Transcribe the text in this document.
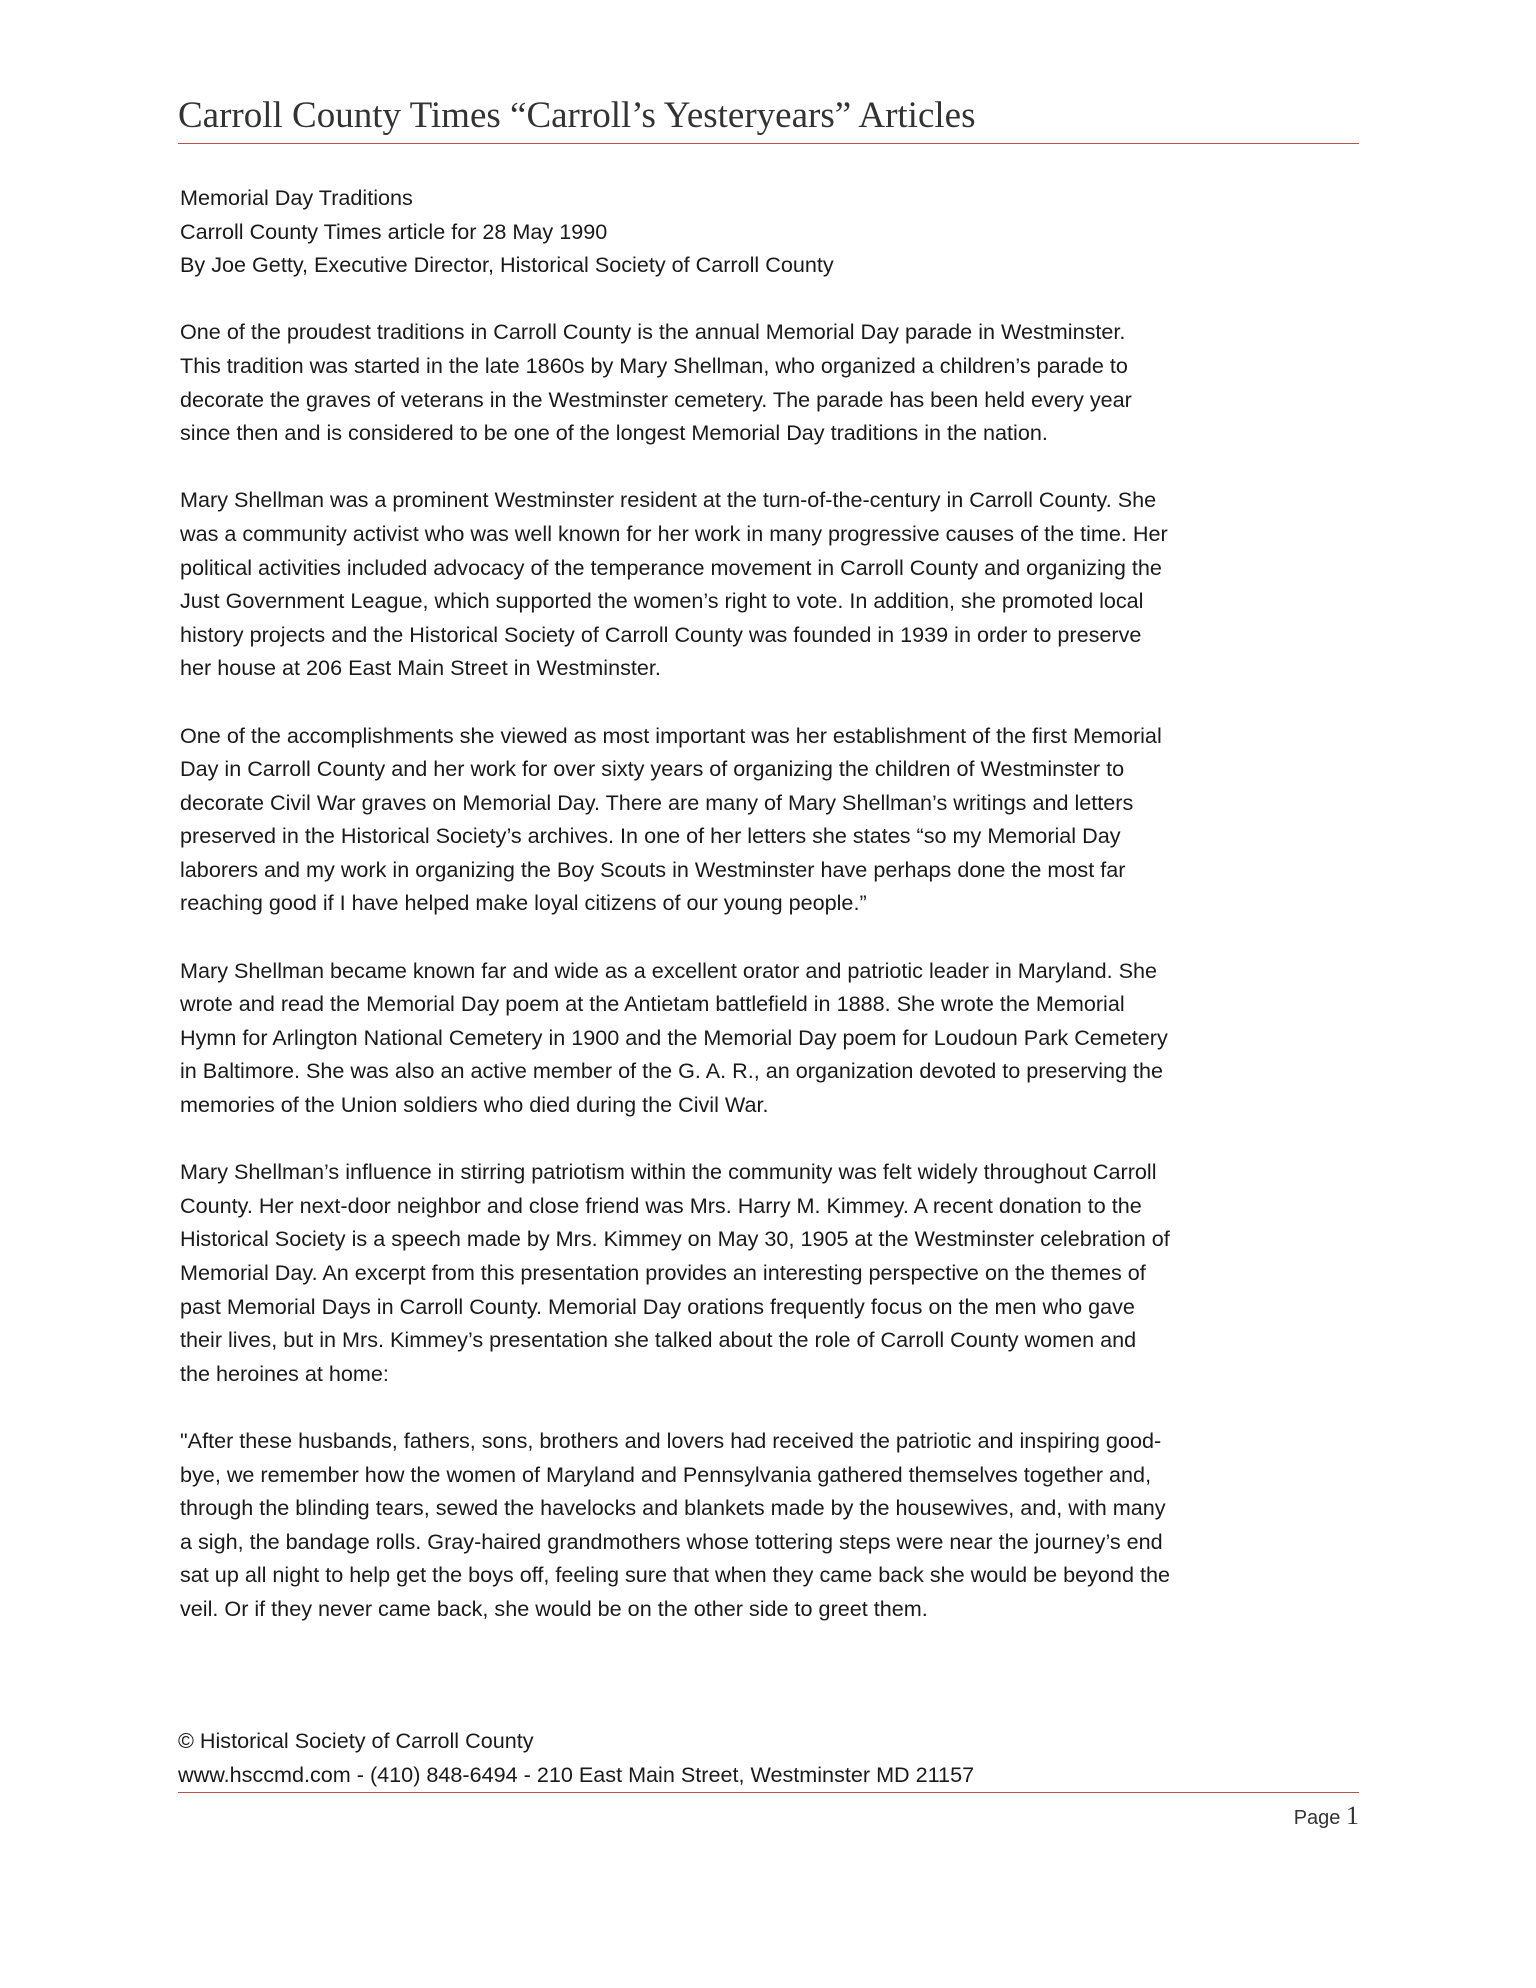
Carroll County Times “Carroll’s Yesteryears” Articles

Memorial Day Traditions

Carroll County Times article for 28 May 1990

By Joe Getty, Executive Director, Historical Society of Carroll County

One of the proudest traditions in Carroll County is the annual Memorial Day parade in Westminster.
This tradition was started in the late 1860s by Mary Shellman, who organized a children’s parade to
decorate the graves of veterans in the Westminster cemetery. The parade has been held every year
since then and is considered to be one of the longest Memorial Day traditions in the nation.

Mary Shellman was a prominent Westminster resident at the turn-of-the-century in Carroll County. She
was a community activist who was well known for her work in many progressive causes of the time. Her
political activities included advocacy of the temperance movement in Carroll County and organizing the
Just Government League, which supported the women’s right to vote. In addition, she promoted local
history projects and the Historical Society of Carroll County was founded in 1939 in order to preserve
her house at 206 East Main Street in Westminster.

One of the accomplishments she viewed as most important was her establishment of the first Memorial
Day in Carroll County and her work for over sixty years of organizing the children of Westminster to
decorate Civil War graves on Memorial Day. There are many of Mary Shellman’s writings and letters
preserved in the Historical Society’s archives. In one of her letters she states “so my Memorial Day
laborers and my work in organizing the Boy Scouts in Westminster have perhaps done the most far
reaching good if I have helped make loyal citizens of our young people.”

Mary Shellman became known far and wide as a excellent orator and patriotic leader in Maryland. She
wrote and read the Memorial Day poem at the Antietam battlefield in 1888. She wrote the Memorial
Hymn for Arlington National Cemetery in 1900 and the Memorial Day poem for Loudoun Park Cemetery
in Baltimore. She was also an active member of the G. A. R., an organization devoted to preserving the
memories of the Union soldiers who died during the Civil War.

Mary Shellman’s influence in stirring patriotism within the community was felt widely throughout Carroll
County. Her next-door neighbor and close friend was Mrs. Harry M. Kimmey. A recent donation to the
Historical Society is a speech made by Mrs. Kimmey on May 30, 1905 at the Westminster celebration of
Memorial Day. An excerpt from this presentation provides an interesting perspective on the themes of
past Memorial Days in Carroll County. Memorial Day orations frequently focus on the men who gave
their lives, but in Mrs. Kimmey’s presentation she talked about the role of Carroll County women and
the heroines at home:

"After these husbands, fathers, sons, brothers and lovers had received the patriotic and inspiring good-
bye, we remember how the women of Maryland and Pennsylvania gathered themselves together and,
through the blinding tears, sewed the havelocks and blankets made by the housewives, and, with many
a sigh, the bandage rolls. Gray-haired grandmothers whose tottering steps were near the journey’s end
sat up all night to help get the boys off, feeling sure that when they came back she would be beyond the
veil. Or if they never came back, she would be on the other side to greet them.

© Historical Society of Carroll County
www.hsccmd.com - (410) 848-6494 - 210 East Main Street, Westminster MD 21157
Page 1
